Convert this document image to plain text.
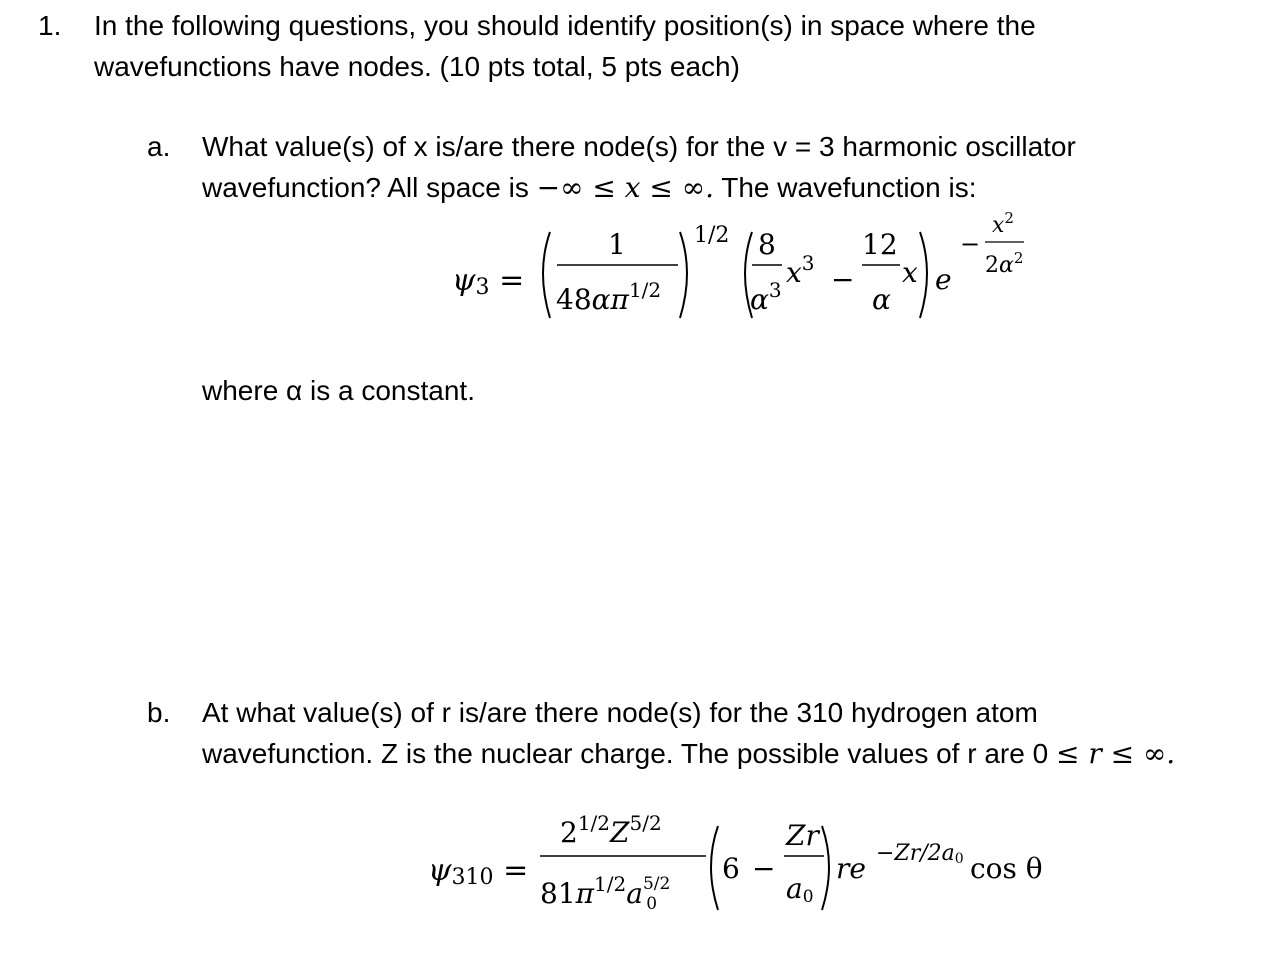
1. In the following questions, you should identify position(s) in space where the
wavefunctions have nodes. (10 pts total, 5 pts each)
a. What value(s) of x is/are there node(s) for the v = 3 harmonic oscillator
wavefunction? All space is −∞ ≤ x ≤ ∞. The wavefunction is:
ψ3 =
1
$48\alpha\pi^{1/2}$
1/2 8
$\alpha^3$
$x^3$ −
12
α
x e
−
$x^2$
$2\alpha^2$
where α is a constant.
b. At what value(s) of r is/are there node(s) for the 310 hydrogen atom
wavefunction. Z is the nuclear charge. The possible values of r are 0 ≤ r ≤ ∞.
ψ310 =
$2^{1/2}Z^{5/2}$
$81\pi^{1/2}a^{5/2}$ 0
6 −
Zr
a0
re −Zr/2a0 cos θ
